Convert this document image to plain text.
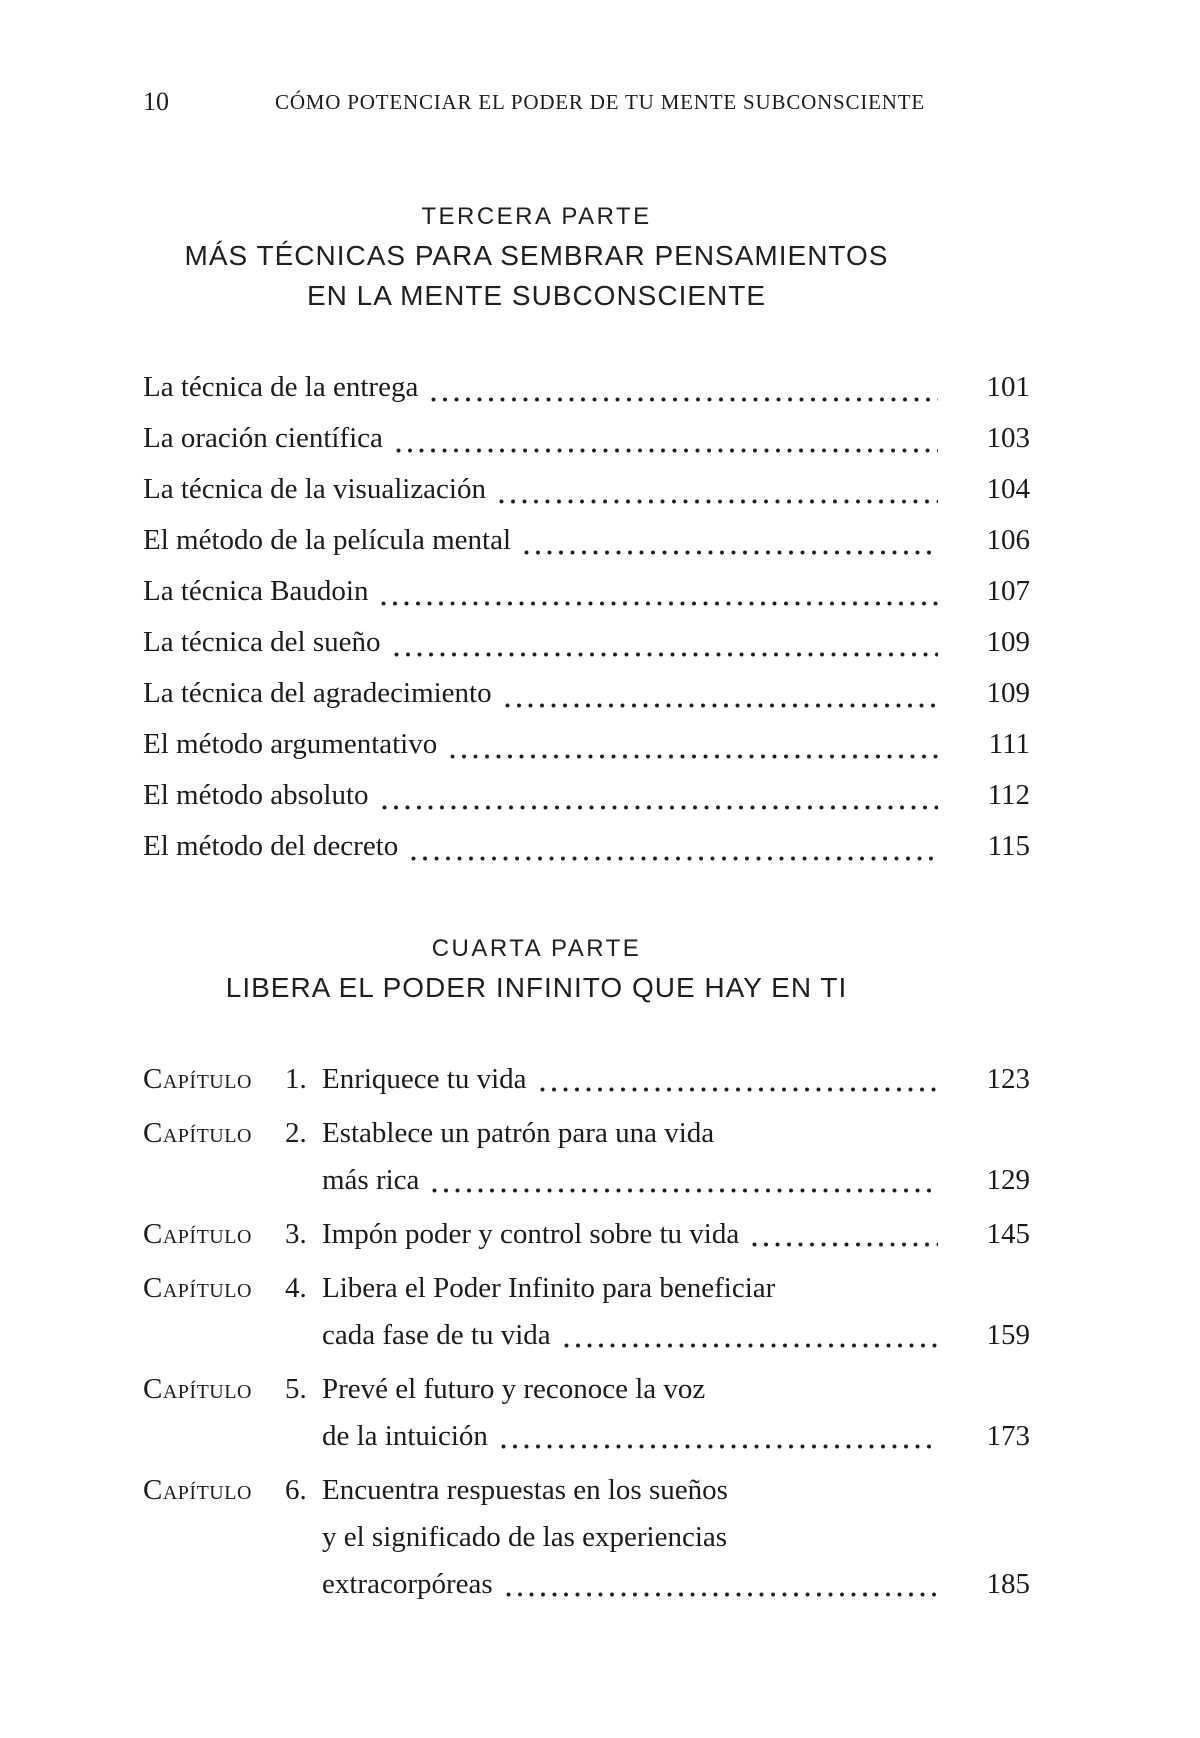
10	CÓMO POTENCIAR EL PODER DE TU MENTE SUBCONSCIENTE
TERCERA PARTE
MÁS TÉCNICAS PARA SEMBRAR PENSAMIENTOS
EN LA MENTE SUBCONSCIENTE
La técnica de la entrega	101
La oración científica	103
La técnica de la visualización	104
El método de la película mental	106
La técnica Baudoin	107
La técnica del sueño	109
La técnica del agradecimiento	109
El método argumentativo	111
El método absoluto	112
El método del decreto	115
CUARTA PARTE
LIBERA EL PODER INFINITO QUE HAY EN TI
Capítulo	1. Enriquece tu vida	123
Capítulo	2. Establece un patrón para una vida
más rica	129
Capítulo	3. Impón poder y control sobre tu vida	145
Capítulo	4. Libera el Poder Infinito para beneficiar
cada fase de tu vida	159
Capítulo	5. Prevé el futuro y reconoce la voz
de la intuición	173
Capítulo	6. Encuentra respuestas en los sueños
y el significado de las experiencias
extracorpóreas	185
